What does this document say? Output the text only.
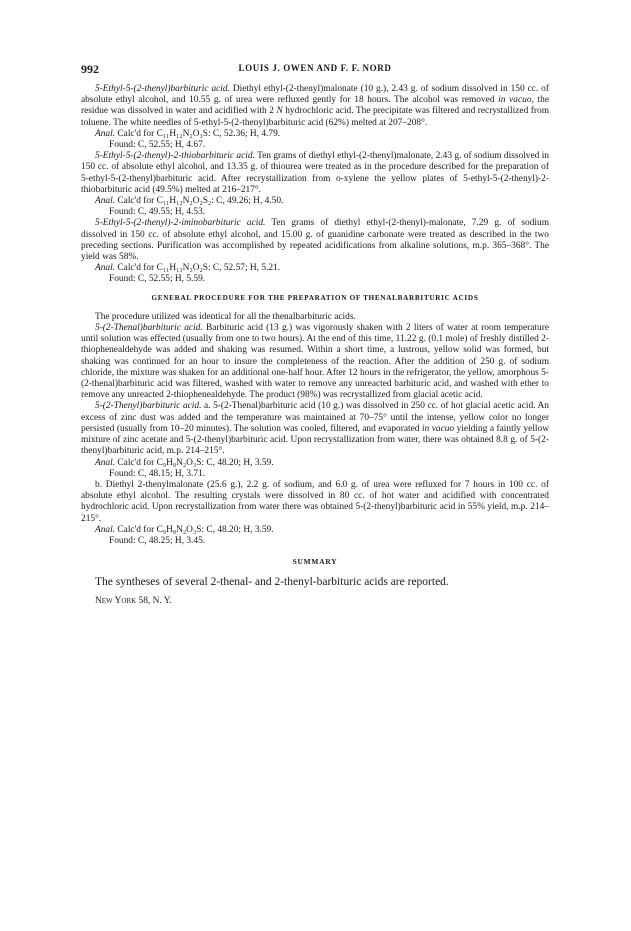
992	LOUIS J. OWEN AND F. F. NORD

5-Ethyl-5-(2-thenyl)barbituric acid. Diethyl ethyl-(2-thenyl)malonate (10 g.), 2.43 g. of sodium dissolved in 150 cc. of absolute ethyl alcohol, and 10.55 g. of urea were refluxed gently for 18 hours. The alcohol was removed in vacuo, the residue was dissolved in water and acidified with 2 N hydrochloric acid. The precipitate was filtered and recrystallized from toluene. The white needles of 5-ethyl-5-(2-thenyl)barbituric acid (62%) melted at 207–208°.

Anal. Calc'd for C₁₁H₁₂N₂O₃S: C, 52.36; H, 4.79.

Found: C, 52.55; H, 4.67.

5-Ethyl-5-(2-thenyl)-2-thiobarbituric acid. Ten grams of diethyl ethyl-(2-thenyl)malonate, 2.43 g. of sodium dissolved in 150 cc. of absolute ethyl alcohol, and 13.35 g. of thiourea were treated as in the procedure described for the preparation of 5-ethyl-5-(2-thenyl)barbituric acid. After recrystallization from o-xylene the yellow plates of 5-ethyl-5-(2-thenyl)-2-thiobarbituric acid (49.5%) melted at 216–217°.

Anal. Calc'd for C₁₁H₁₂N₂O₂S₂: C, 49.26; H, 4.50.

Found: C, 49.55; H, 4.53.

5-Ethyl-5-(2-thenyl)-2-iminobarbituric acid. Ten grams of diethyl ethyl-(2-thenyl)-malonate, 7.29 g. of sodium dissolved in 150 cc. of absolute ethyl alcohol, and 15.00 g. of guanidine carbonate were treated as described in the two preceding sections. Purification was accomplished by repeated acidifications from alkaline solutions, m.p. 365–368°. The yield was 58%.

Anal. Calc'd for C₁₁H₁₃N₃O₂S: C, 52.57; H, 5.21.

Found: C, 52.55; H, 5.59.

GENERAL PROCEDURE FOR THE PREPARATION OF THENALBARBITURIC ACIDS

The procedure utilized was identical for all the thenalbarbituric acids.

5-(2-Thenal)barbituric acid. Barbituric acid (13 g.) was vigorously shaken with 2 liters of water at room temperature until solution was effected (usually from one to two hours). At the end of this time, 11.22 g. (0.1 mole) of freshly distilled 2-thiophenealdehyde was added and shaking was resumed. Within a short time, a lustrous, yellow solid was formed, but shaking was continued for an hour to insure the completeness of the reaction. After the addition of 250 g. of sodium chloride, the mixture was shaken for an additional one-half hour. After 12 hours in the refrigerator, the yellow, amorphous 5-(2-thenal)barbituric acid was filtered, washed with water to remove any unreacted barbituric acid, and washed with ether to remove any unreacted 2-thiophenealdehyde. The product (98%) was recrystallized from glacial acetic acid.

5-(2-Thenyl)barbituric acid. a. 5-(2-Thenal)barbituric acid (10 g.) was dissolved in 250 cc. of hot glacial acetic acid. An excess of zinc dust was added and the temperature was maintained at 70–75° until the intense, yellow color no longer persisted (usually from 10–20 minutes). The solution was cooled, filtered, and evaporated in vacuo yielding a faintly yellow mixture of zinc acetate and 5-(2-thenyl)barbituric acid. Upon recrystallization from water, there was obtained 8.8 g. of 5-(2-thenyl)barbituric acid, m.p. 214–215°.

Anal. Calc'd for C₉H₈N₂O₃S: C, 48.20; H, 3.59.

Found: C, 48.15; H, 3.71.

b. Diethyl 2-thenylmalonate (25.6 g.), 2.2 g. of sodium, and 6.0 g. of urea were refluxed for 7 hours in 100 cc. of absolute ethyl alcohol. The resulting crystals were dissolved in 80 cc. of hot water and acidified with concentrated hydrochloric acid. Upon recrystallization from water there was obtained 5-(2-thenyl)barbituric acid in 55% yield, m.p. 214–215°.

Anal. Calc'd for C₉H₈N₂O₃S: C, 48.20; H, 3.59.

Found: C, 48.25; H, 3.45.

SUMMARY

The syntheses of several 2-thenal- and 2-thenyl-barbituric acids are reported.

New York 58, N. Y.
